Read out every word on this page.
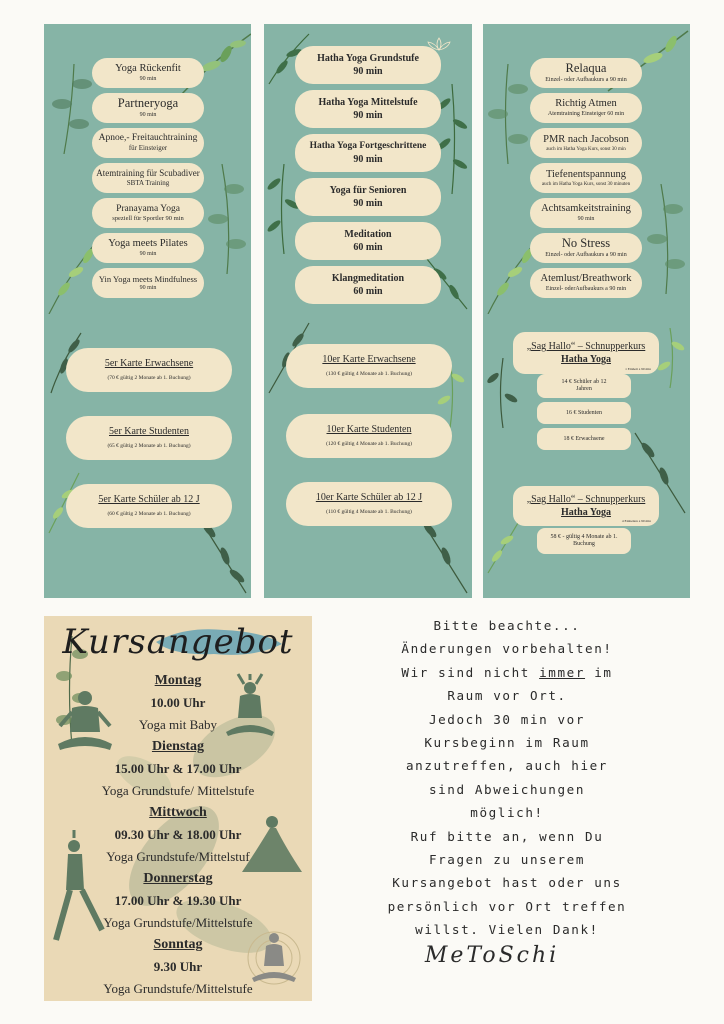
Yoga Rückenfit
90 min
Partneryoga
90 min
Apnoe,- Freitauchtraining
für Einsteiger
Atemtraining für Scubadiver
SBTA Training
Pranayama Yoga
speziell für Sportler 90 min
Yoga meets Pilates
90 min
Yin Yoga meets Mindfulness
90 min
Hatha Yoga Grundstufe
90 min
Hatha Yoga Mittelstufe
90 min
Hatha Yoga Fortgeschrittene
90 min
Yoga für Senioren
90 min
Meditation
60 min
Klangmeditation
60 min
Relaqua
Einzel- oder Aufbaukurs a 90 min
Richtig Atmen
Atemtraining Einsteiger 60 min
PMR nach Jacobson
auch im Hatha Yoga Kurs, sonst 30 min
Tiefenentspannung
auch im Hatha Yoga Kurs, sonst 30 minuten
Achtsamkeitstraining
90 min
No Stress
Einzel- oder Aufbaukurs a 90 min
Atemlust/Breathwork
Einzel- oderAufbaukurs a 90 min
5er Karte Erwachsene
(70 € gültig 2 Monate ab 1. Buchung)
5er Karte Studenten
(65 € gültig 2 Monate ab 1. Buchung)
5er Karte Schüler ab 12 J
(60 € gültig 2 Monate ab 1. Buchung)
10er Karte Erwachsene
(130 € gültig 4 Monate ab 1. Buchung)
10er Karte Studenten
(120 € gültig 4 Monate ab 1. Buchung)
10er Karte Schüler ab 12 J
(110 € gültig 4 Monate ab 1. Buchung)
„Sag Hallo“ – Schnupperkurs
Hatha Yoga
1 Einheit a 90 min
14 € Schüler ab 12 Jahren
16 € Studenten
18 € Erwachsene
„Sag Hallo“ – Schnupperkurs
Hatha Yoga
4 Einheiten a 90 min
58 € - gültig 4 Monate ab 1. Buchung
Kursangebot
Montag
10.00 Uhr
Yoga mit Baby
Dienstag
15.00 Uhr & 17.00 Uhr
Yoga Grundstufe/ Mittelstufe
Mittwoch
09.30 Uhr & 18.00 Uhr
Yoga Grundstufe/Mittelstuf
Donnerstag
17.00 Uhr & 19.30 Uhr
Yoga Grundstufe/Mittelstufe
Sonntag
9.30 Uhr
Yoga Grundstufe/Mittelstufe
Bitte beachte...
Änderungen vorbehalten!
Wir sind nicht immer im
Raum vor Ort.
Jedoch 30 min vor
Kursbeginn im Raum
anzutreffen, auch hier
sind Abweichungen
möglich!
Ruf bitte an, wenn Du
Fragen zu unserem
Kursangebot hast oder uns
persönlich vor Ort treffen
willst. Vielen Dank!
MeToSchi
